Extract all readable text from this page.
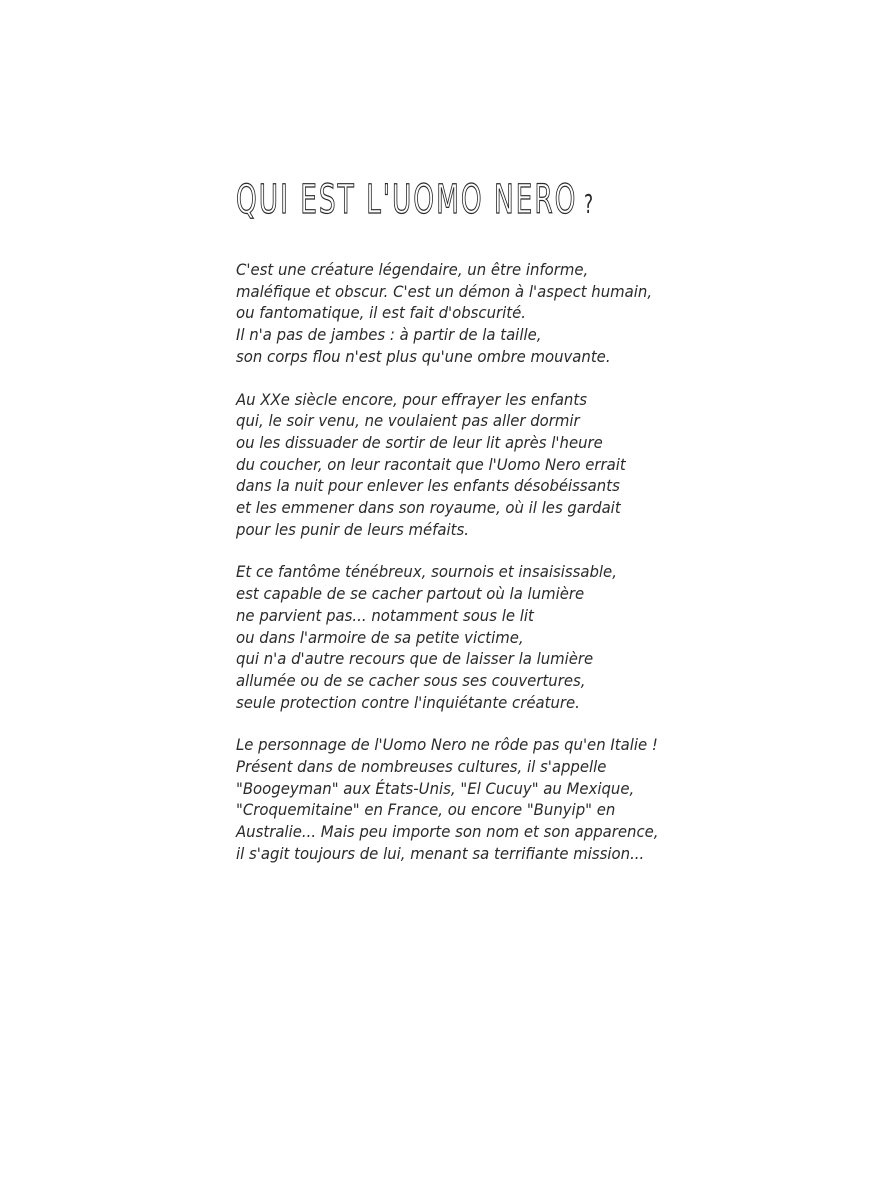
QUI EST L'UOMO NERO ?
C'est une créature légendaire, un être informe,
maléfique et obscur. C'est un démon à l'aspect humain,
ou fantomatique, il est fait d'obscurité.
Il n'a pas de jambes : à partir de la taille,
son corps flou n'est plus qu'une ombre mouvante.
Au XXe siècle encore, pour effrayer les enfants
qui, le soir venu, ne voulaient pas aller dormir
ou les dissuader de sortir de leur lit après l'heure
du coucher, on leur racontait que l'Uomo Nero errait
dans la nuit pour enlever les enfants désobéissants
et les emmener dans son royaume, où il les gardait
pour les punir de leurs méfaits.
Et ce fantôme ténébreux, sournois et insaisissable,
est capable de se cacher partout où la lumière
ne parvient pas... notamment sous le lit
ou dans l'armoire de sa petite victime,
qui n'a d'autre recours que de laisser la lumière
allumée ou de se cacher sous ses couvertures,
seule protection contre l'inquiétante créature.
Le personnage de l'Uomo Nero ne rôde pas qu'en Italie !
Présent dans de nombreuses cultures, il s'appelle
"Boogeyman" aux États-Unis, "El Cucuy" au Mexique,
"Croquemitaine" en France, ou encore "Bunyip" en
Australie... Mais peu importe son nom et son apparence,
il s'agit toujours de lui, menant sa terrifiante mission...
